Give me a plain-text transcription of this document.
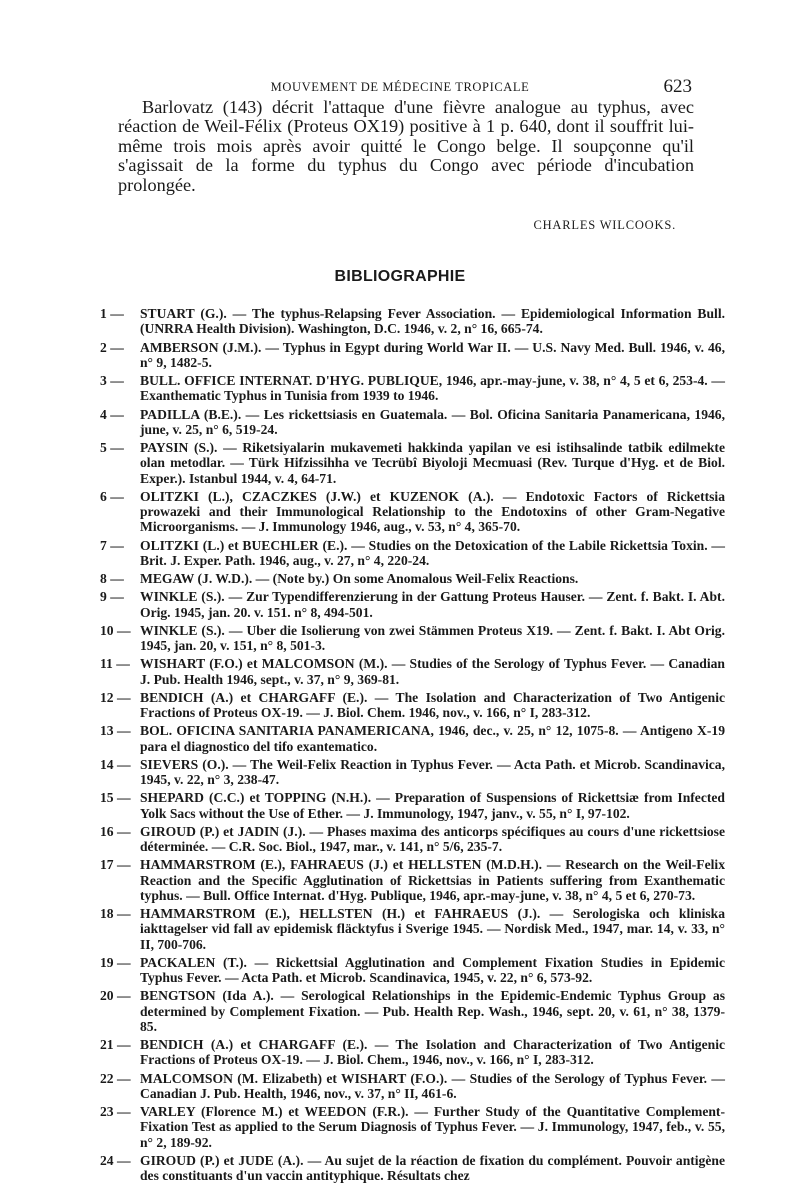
MOUVEMENT DE MÉDECINE TROPICALE	623

Barlovatz (143) décrit l'attaque d'une fièvre analogue au typhus, avec réaction de Weil-Félix (Proteus OX19) positive à 1 p. 640, dont il souffrit lui-même trois mois après avoir quitté le Congo belge. Il soupçonne qu'il s'agissait de la forme du typhus du Congo avec période d'incubation prolongée.

CHARLES WILCOOKS.
BIBLIOGRAPHIE
1 —	STUART (G.). — The typhus-Relapsing Fever Association. — Epidemiological Information Bull. (UNRRA Health Division). Washington, D.C. 1946, v. 2, n° 16, 665-74.
2 —	AMBERSON (J.M.). — Typhus in Egypt during World War II. — U.S. Navy Med. Bull. 1946, v. 46, n° 9, 1482-5.
3 —	BULL. OFFICE INTERNAT. D'HYG. PUBLIQUE, 1946, apr.-may-june, v. 38, n° 4, 5 et 6, 253-4. — Exanthematic Typhus in Tunisia from 1939 to 1946.
4 —	PADILLA (B.E.). — Les rickettsiasis en Guatemala. — Bol. Oficina Sanitaria Panamericana, 1946, june, v. 25, n° 6, 519-24.
5 —	PAYSIN (S.). — Riketsiyalarin mukavemeti hakkinda yapilan ve esi istihsalinde tatbik edilmekte olan metodlar. — Türk Hifzissihha ve Tecrübî Biyoloji Mecmuasi (Rev. Turque d'Hyg. et de Biol. Exper.). Istanbul 1944, v. 4, 64-71.
6 —	OLITZKI (L.), CZACZKES (J.W.) et KUZENOK (A.). — Endotoxic Factors of Rickettsia prowazeki and their Immunological Relationship to the Endotoxins of other Gram-Negative Microorganisms. — J. Immunology 1946, aug., v. 53, n° 4, 365-70.
7 —	OLITZKI (L.) et BUECHLER (E.). — Studies on the Detoxication of the Labile Rickettsia Toxin. — Brit. J. Exper. Path. 1946, aug., v. 27, n° 4, 220-24.
8 —	MEGAW (J. W.D.). — (Note by.) On some Anomalous Weil-Felix Reactions.
9 —	WINKLE (S.). — Zur Typendifferenzierung in der Gattung Proteus Hauser. — Zent. f. Bakt. I. Abt. Orig. 1945, jan. 20. v. 151. n° 8, 494-501.
10 — WINKLE (S.). — Uber die Isolierung von zwei Stämmen Proteus X19. — Zent. f. Bakt. I. Abt Orig. 1945, jan. 20, v. 151, n° 8, 501-3.
11 — WISHART (F.O.) et MALCOMSON (M.). — Studies of the Serology of Typhus Fever. — Canadian J. Pub. Health 1946, sept., v. 37, n° 9, 369-81.
12 — BENDICH (A.) et CHARGAFF (E.). — The Isolation and Characterization of Two Antigenic Fractions of Proteus OX-19. — J. Biol. Chem. 1946, nov., v. 166, n° I, 283-312.
13 — BOL. OFICINA SANITARIA PANAMERICANA, 1946, dec., v. 25, n° 12, 1075-8. — Antigeno X-19 para el diagnostico del tifo exantematico.
14 — SIEVERS (O.). — The Weil-Felix Reaction in Typhus Fever. — Acta Path. et Microb. Scandinavica, 1945, v. 22, n° 3, 238-47.
15 — SHEPARD (C.C.) et TOPPING (N.H.). — Preparation of Suspensions of Rickettsiæ from Infected Yolk Sacs without the Use of Ether. — J. Immunology, 1947, janv., v. 55, n° I, 97-102.
16 — GIROUD (P.) et JADIN (J.). — Phases maxima des anticorps spécifiques au cours d'une rickettsiose déterminée. — C.R. Soc. Biol., 1947, mar., v. 141, n° 5/6, 235-7.
17 — HAMMARSTROM (E.), FAHRAEUS (J.) et HELLSTEN (M.D.H.). — Research on the Weil-Felix Reaction and the Specific Agglutination of Rickettsias in Patients suffering from Exanthematic typhus. — Bull. Office Internat. d'Hyg. Publique, 1946, apr.-may-june, v. 38, n° 4, 5 et 6, 270-73.
18 — HAMMARSTROM (E.), HELLSTEN (H.) et FAHRAEUS (J.). — Serologiska och kliniska iakttagelser vid fall av epidemisk fläcktyfus i Sverige 1945. — Nordisk Med., 1947, mar. 14, v. 33, n° II, 700-706.
19 — PACKALEN (T.). — Rickettsial Agglutination and Complement Fixation Studies in Epidemic Typhus Fever. — Acta Path. et Microb. Scandinavica, 1945, v. 22, n° 6, 573-92.
20 — BENGTSON (Ida A.). — Serological Relationships in the Epidemic-Endemic Typhus Group as determined by Complement Fixation. — Pub. Health Rep. Wash., 1946, sept. 20, v. 61, n° 38, 1379-85.
21 — BENDICH (A.) et CHARGAFF (E.). — The Isolation and Characterization of Two Antigenic Fractions of Proteus OX-19. — J. Biol. Chem., 1946, nov., v. 166, n° I, 283-312.
22 — MALCOMSON (M. Elizabeth) et WISHART (F.O.). — Studies of the Serology of Typhus Fever. — Canadian J. Pub. Health, 1946, nov., v. 37, n° II, 461-6.
23 — VARLEY (Florence M.) et WEEDON (F.R.). — Further Study of the Quantitative Complement-Fixation Test as applied to the Serum Diagnosis of Typhus Fever. — J. Immunology, 1947, feb., v. 55, n° 2, 189-92.
24 — GIROUD (P.) et JUDE (A.). — Au sujet de la réaction de fixation du complément. Pouvoir antigène des constituants d'un vaccin antityphique. Résultats chez
